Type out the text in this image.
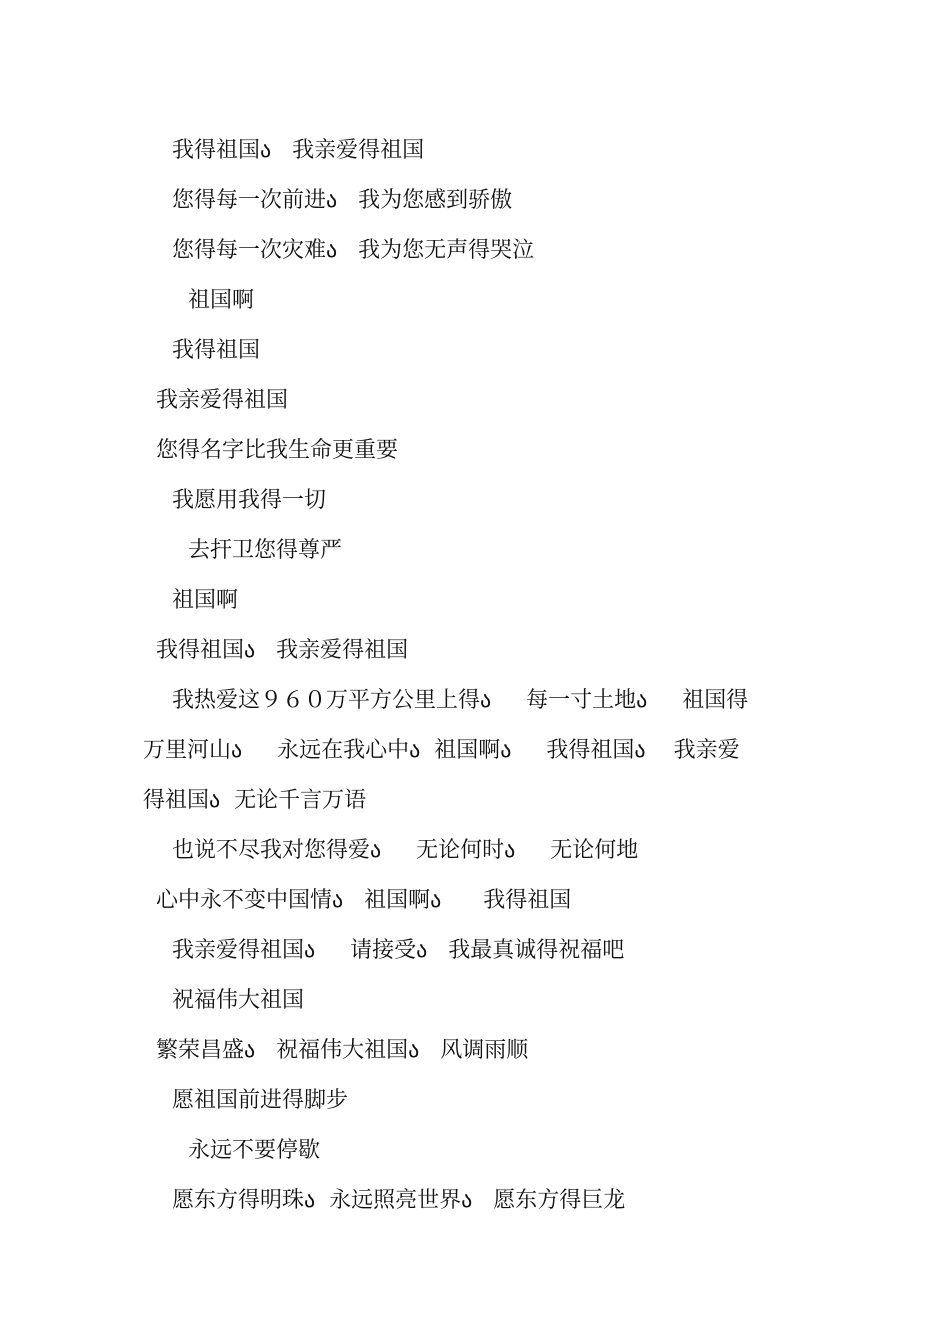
我得祖国ა   我亲爱得祖国
您得每一次前进ა   我为您感到骄傲
您得每一次灾难ა   我为您无声得哭泣
祖国啊
我得祖国
我亲爱得祖国
您得名字比我生命更重要
我愿用我得一切
去扞卫您得尊严
祖国啊
我得祖国ა   我亲爱得祖国
我热爱这９６０万平方公里上得ა     每一寸土地ა     祖国得
万里河山ა     永远在我心中ა  祖国啊ა     我得祖国ა    我亲爱
得祖国ა  无论千言万语
也说不尽我对您得爱ა     无论何时ა     无论何地
心中永不变中国情ა   祖国啊ა      我得祖国
我亲爱得祖国ა     请接受ა   我最真诚得祝福吧
祝福伟大祖国
繁荣昌盛ა   祝福伟大祖国ა   风调雨顺
愿祖国前进得脚步
永远不要停歇
愿东方得明珠ა  永远照亮世界ა   愿东方得巨龙
